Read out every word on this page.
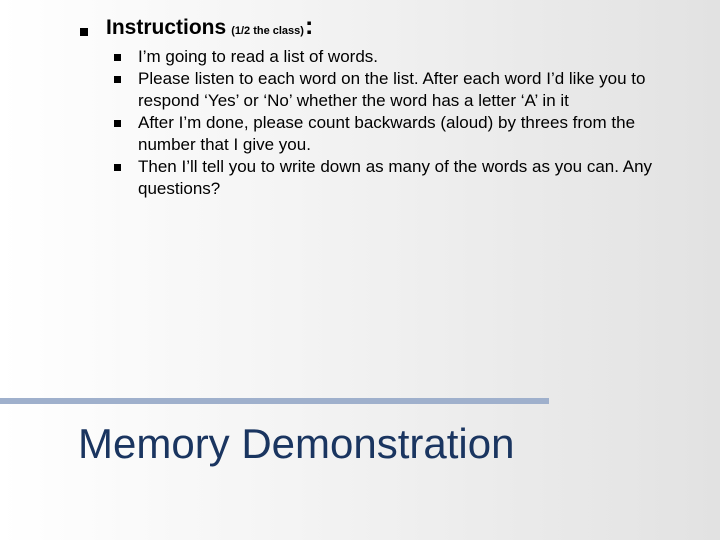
Instructions (1/2 the class):
I’m going to read a list of words.
Please listen to each word on the list. After each word I’d like you to respond ‘Yes’ or ‘No’ whether the word has a letter ‘A’ in it
After I’m done, please count backwards (aloud) by threes from the number that I give you.
Then I’ll tell you to write down as many of the words as you can. Any questions?
Memory Demonstration
